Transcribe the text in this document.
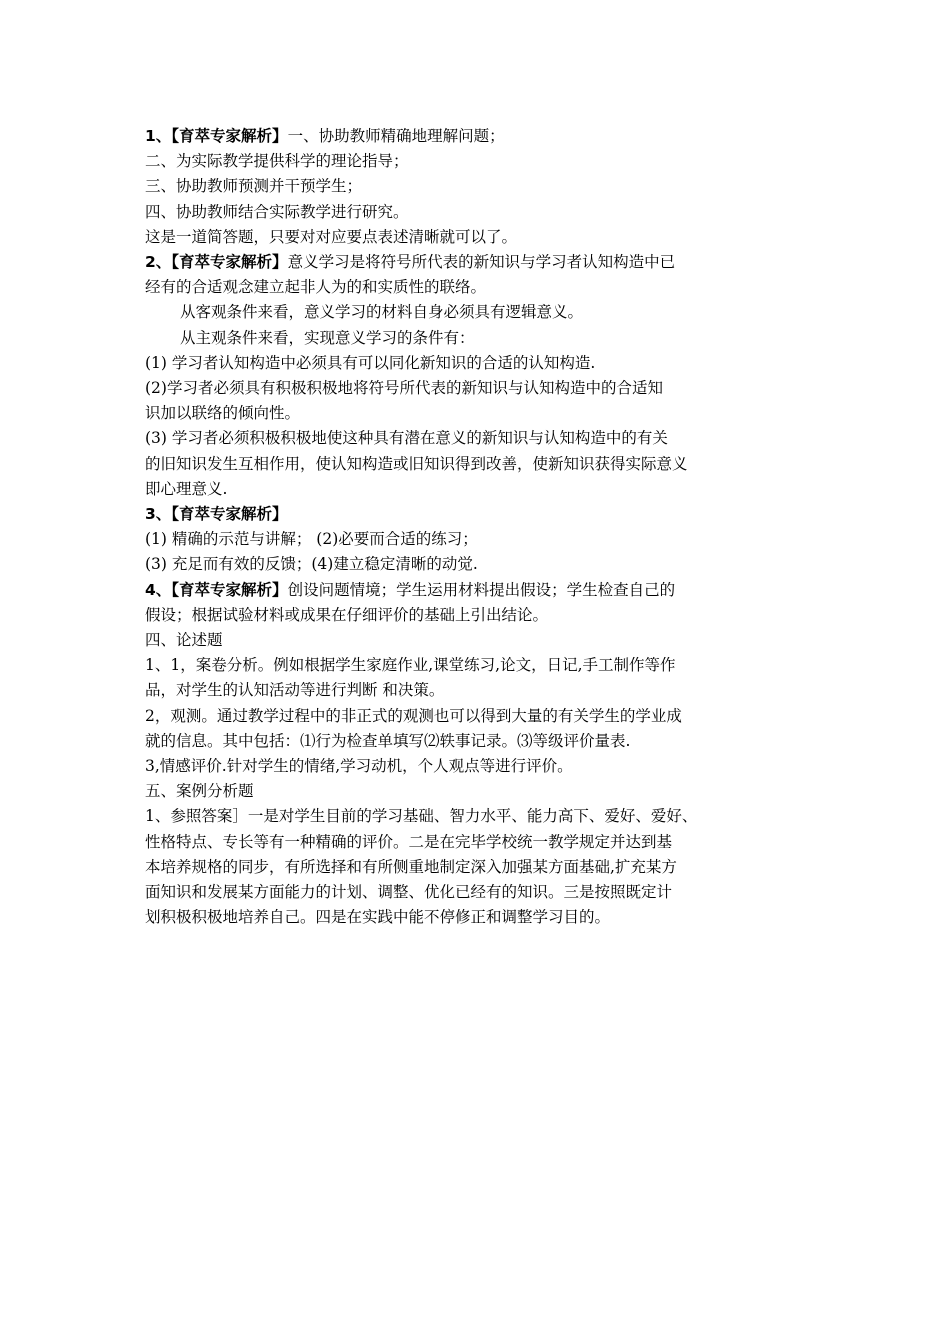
1、【育萃专家解析】一、协助教师精确地理解问题；
二、为实际教学提供科学的理论指导；
三、协助教师预测并干预学生；
四、协助教师结合实际教学进行研究。
这是一道简答题，只要对对应要点表述清晰就可以了。
2、【育萃专家解析】意义学习是将符号所代表的新知识与学习者认知构造中已
经有的合适观念建立起非人为的和实质性的联络。
从客观条件来看，意义学习的材料自身必须具有逻辑意义。
从主观条件来看，实现意义学习的条件有：
(1) 学习者认知构造中必须具有可以同化新知识的合适的认知构造.
(2)学习者必须具有积极积极地将符号所代表的新知识与认知构造中的合适知
识加以联络的倾向性。
(3) 学习者必须积极积极地使这种具有潜在意义的新知识与认知构造中的有关
的旧知识发生互相作用，使认知构造或旧知识得到改善，使新知识获得实际意义
即心理意义.
3、【育萃专家解析】
(1) 精确的示范与讲解； (2)必要而合适的练习；
(3) 充足而有效的反馈；(4)建立稳定清晰的动觉.
4、【育萃专家解析】创设问题情境；学生运用材料提出假设；学生检查自己的
假设；根据试验材料或成果在仔细评价的基础上引出结论。
四、论述题
1、1，案卷分析。例如根据学生家庭作业,课堂练习,论文，日记,手工制作等作
品，对学生的认知活动等进行判断 和决策。
2，观测。通过教学过程中的非正式的观测也可以得到大量的有关学生的学业成
就的信息。其中包括：⑴行为检查单填写⑵轶事记录。⑶等级评价量表.
3,情感评价.针对学生的情绪,学习动机，个人观点等进行评价。
五、案例分析题
1、参照答案］一是对学生目前的学习基础、智力水平、能力高下、爱好、爱好、
性格特点、专长等有一种精确的评价。二是在完毕学校统一教学规定并达到基
本培养规格的同步，有所选择和有所侧重地制定深入加强某方面基础,扩充某方
面知识和发展某方面能力的计划、调整、优化已经有的知识。三是按照既定计
划积极积极地培养自己。四是在实践中能不停修正和调整学习目的。
